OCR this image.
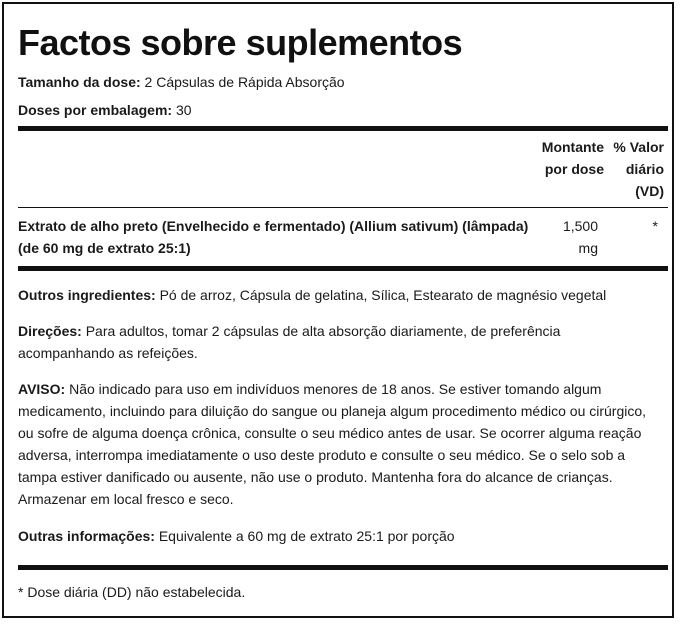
Factos sobre suplementos
Tamanho da dose: 2 Cápsulas de Rápida Absorção
Doses por embalagem: 30
Montante
por dose
% Valor
diário
(VD)
Extrato de alho preto (Envelhecido e fermentado) (Allium sativum) (lâmpada)
(de 60 mg de extrato 25:1)
1,500
mg
*
Outros ingredientes: Pó de arroz, Cápsula de gelatina, Sílica, Estearato de magnésio vegetal
Direções: Para adultos, tomar 2 cápsulas de alta absorção diariamente, de preferência acompanhando as refeições.
AVISO: Não indicado para uso em indivíduos menores de 18 anos. Se estiver tomando algum medicamento, incluindo para diluição do sangue ou planeja algum procedimento médico ou cirúrgico, ou sofre de alguma doença crônica, consulte o seu médico antes de usar. Se ocorrer alguma reação adversa, interrompa imediatamente o uso deste produto e consulte o seu médico. Se o selo sob a tampa estiver danificado ou ausente, não use o produto. Mantenha fora do alcance de crianças. Armazenar em local fresco e seco.
Outras informações: Equivalente a 60 mg de extrato 25:1 por porção
* Dose diária (DD) não estabelecida.
